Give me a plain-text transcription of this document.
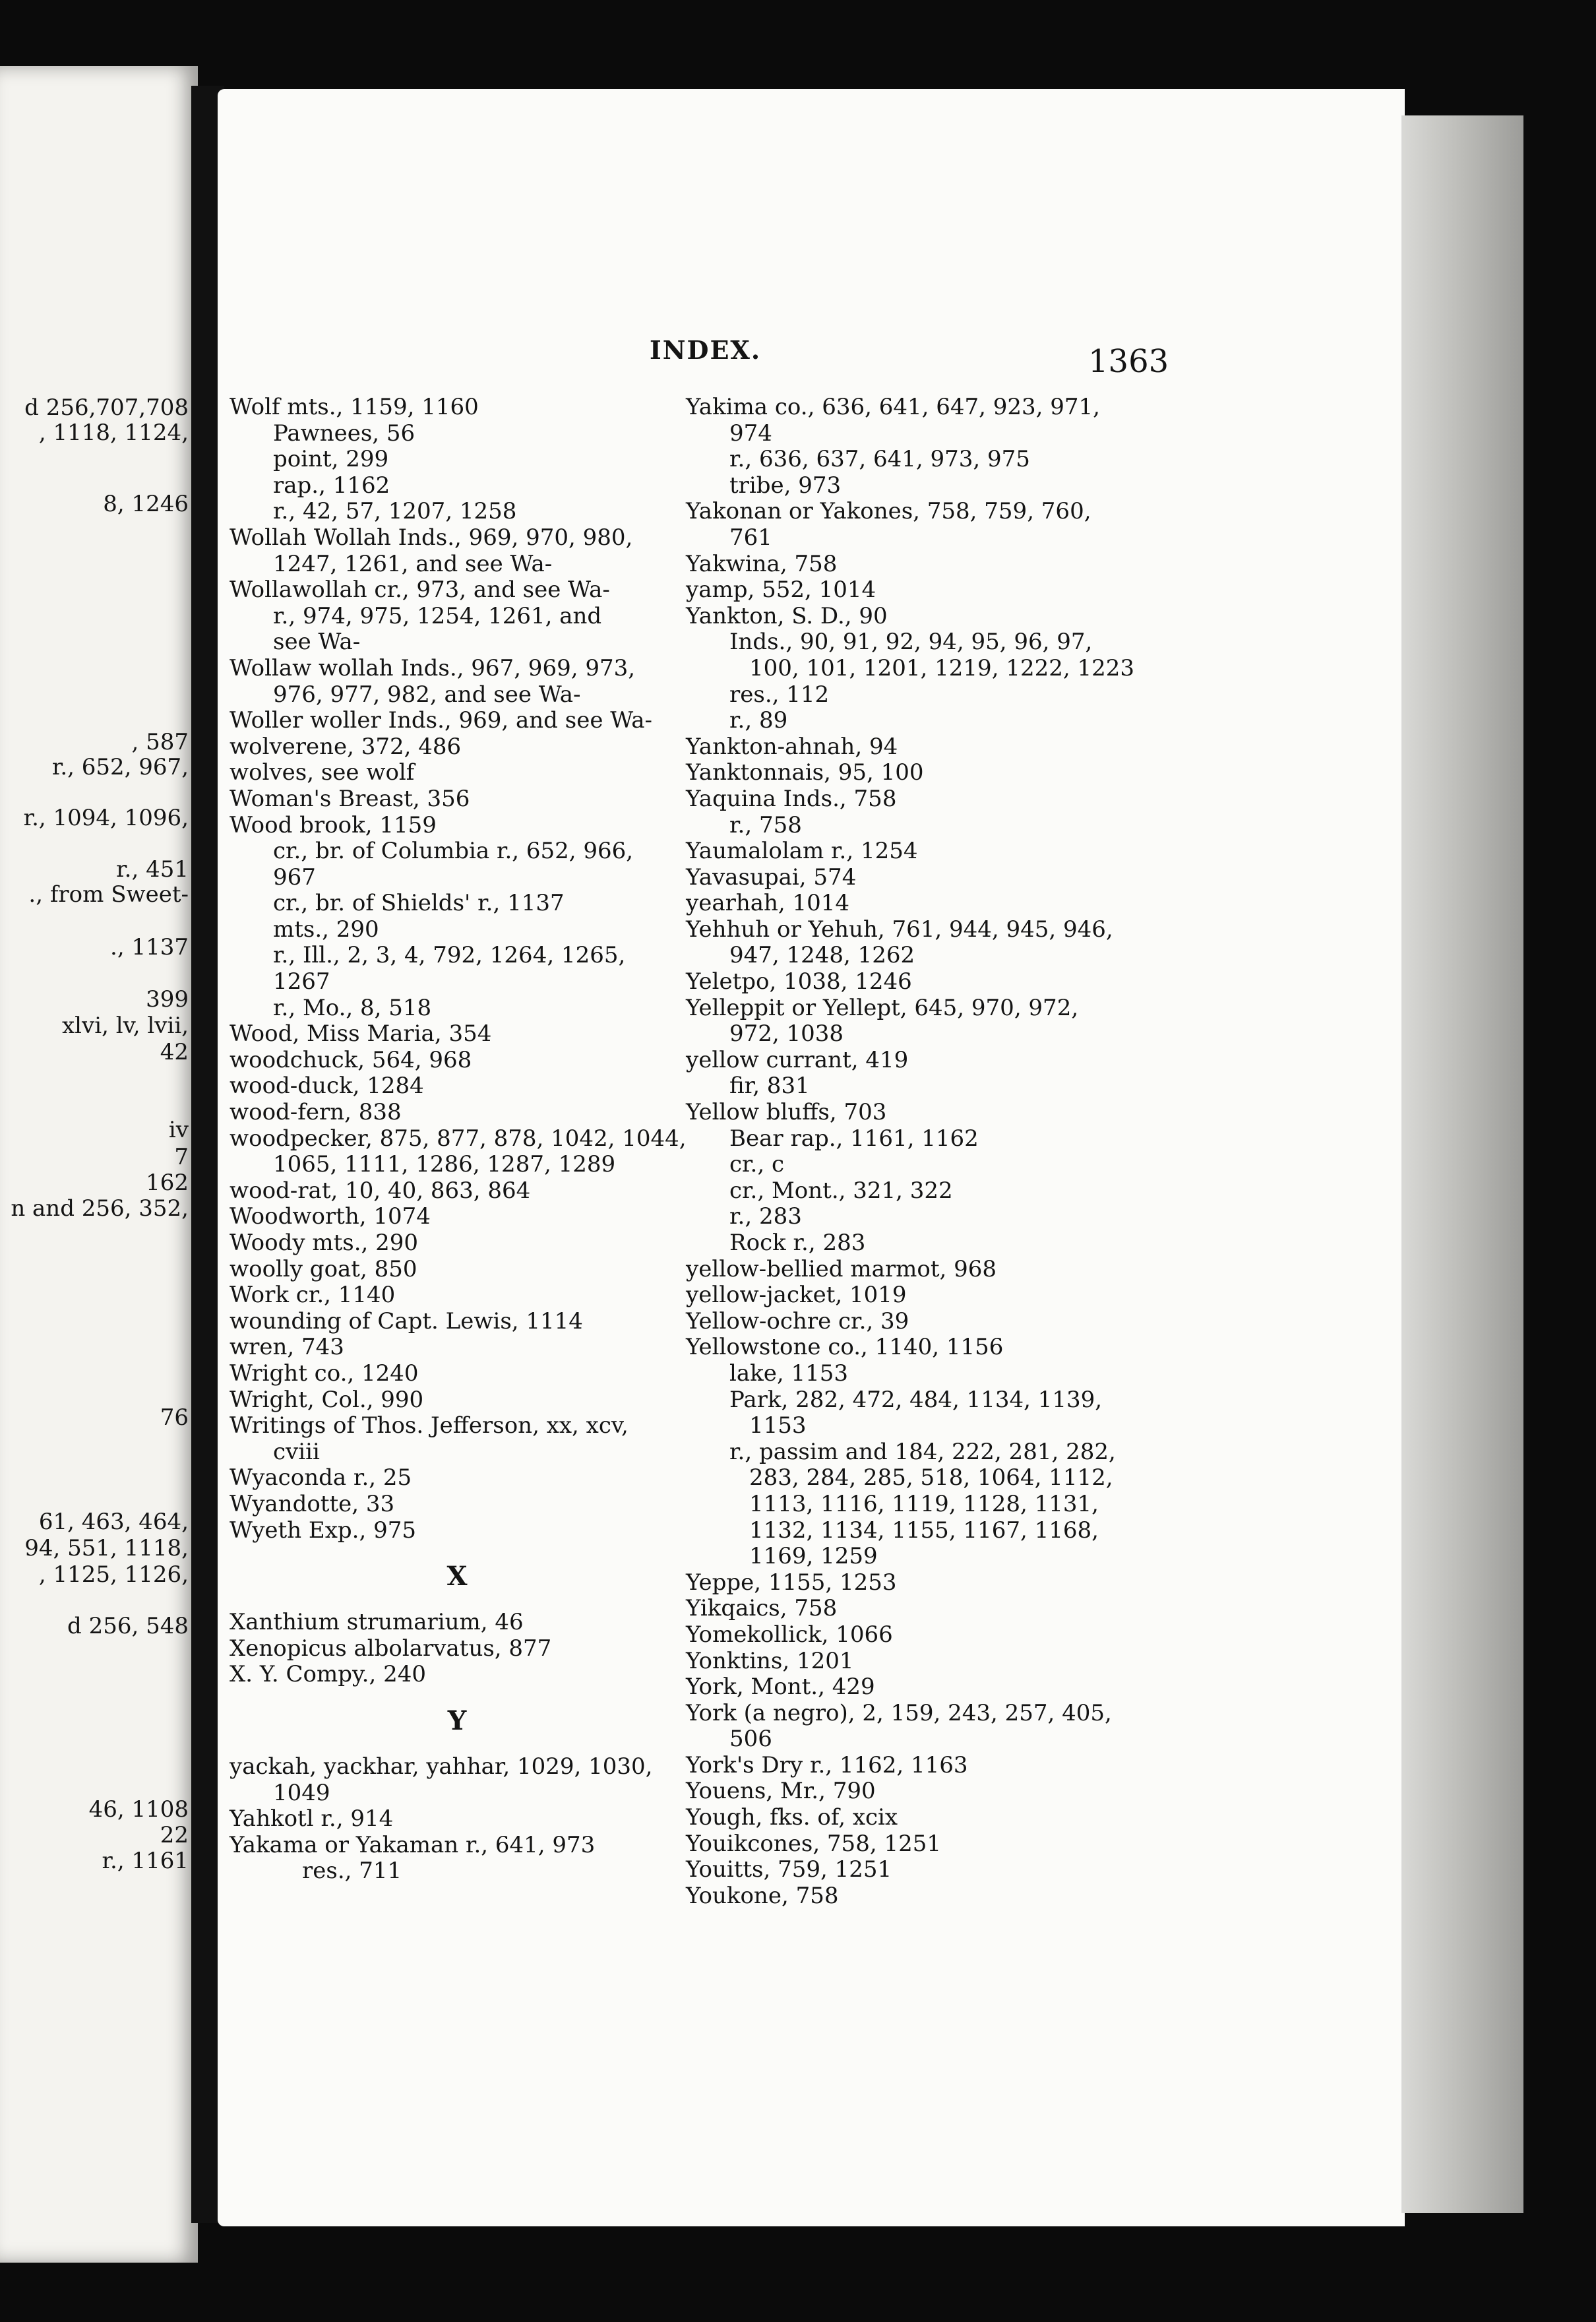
d 256,707,708
, 1118, 1124,
8, 1246
, 587
r., 652, 967,
r., 1094, 1096,
r., 451
., from Sweet-
., 1137
399
xlvi, lv, lvii,
42
iv
7
162
n and 256, 352,
76
61, 463, 464,
94, 551, 1118,
, 1125, 1126,
d 256, 548
46, 1108
22
r., 1161
INDEX.	1363
Wolf mts., 1159, 1160
Pawnees, 56
point, 299
rap., 1162
r., 42, 57, 1207, 1258
Wollah Wollah Inds., 969, 970, 980,
1247, 1261, and see Wa-
Wollawollah cr., 973, and see Wa-
r., 974, 975, 1254, 1261, and
see Wa-
Wollaw wollah Inds., 967, 969, 973,
976, 977, 982, and see Wa-
Woller woller Inds., 969, and see Wa-
wolverene, 372, 486
wolves, see wolf
Woman's Breast, 356
Wood brook, 1159
cr., br. of Columbia r., 652, 966,
967
cr., br. of Shields' r., 1137
mts., 290
r., Ill., 2, 3, 4, 792, 1264, 1265,
1267
r., Mo., 8, 518
Wood, Miss Maria, 354
woodchuck, 564, 968
wood-duck, 1284
wood-fern, 838
woodpecker, 875, 877, 878, 1042, 1044,
1065, 1111, 1286, 1287, 1289
wood-rat, 10, 40, 863, 864
Woodworth, 1074
Woody mts., 290
woolly goat, 850
Work cr., 1140
wounding of Capt. Lewis, 1114
wren, 743
Wright co., 1240
Wright, Col., 990
Writings of Thos. Jefferson, xx, xcv,
cviii
Wyaconda r., 25
Wyandotte, 33
Wyeth Exp., 975
X
Xanthium strumarium, 46
Xenopicus albolarvatus, 877
X. Y. Compy., 240
Y
yackah, yackhar, yahhar, 1029, 1030,
1049
Yahkotl r., 914
Yakama or Yakaman r., 641, 973
res., 711
Yakima co., 636, 641, 647, 923, 971,
974
r., 636, 637, 641, 973, 975
tribe, 973
Yakonan or Yakones, 758, 759, 760,
761
Yakwina, 758
yamp, 552, 1014
Yankton, S. D., 90
Inds., 90, 91, 92, 94, 95, 96, 97,
100, 101, 1201, 1219, 1222, 1223
res., 112
r., 89
Yankton-ahnah, 94
Yanktonnais, 95, 100
Yaquina Inds., 758
r., 758
Yaumalolam r., 1254
Yavasupai, 574
yearhah, 1014
Yehhuh or Yehuh, 761, 944, 945, 946,
947, 1248, 1262
Yeletpo, 1038, 1246
Yelleppit or Yellept, 645, 970, 972,
972, 1038
yellow currant, 419
fir, 831
Yellow bluffs, 703
Bear rap., 1161, 1162
cr., c
cr., Mont., 321, 322
r., 283
Rock r., 283
yellow-bellied marmot, 968
yellow-jacket, 1019
Yellow-ochre cr., 39
Yellowstone co., 1140, 1156
lake, 1153
Park, 282, 472, 484, 1134, 1139,
1153
r., passim and 184, 222, 281, 282,
283, 284, 285, 518, 1064, 1112,
1113, 1116, 1119, 1128, 1131,
1132, 1134, 1155, 1167, 1168,
1169, 1259
Yeppe, 1155, 1253
Yikqaics, 758
Yomekollick, 1066
Yonktins, 1201
York, Mont., 429
York (a negro), 2, 159, 243, 257, 405,
506
York's Dry r., 1162, 1163
Youens, Mr., 790
Yough, fks. of, xcix
Youikcones, 758, 1251
Youitts, 759, 1251
Youkone, 758
